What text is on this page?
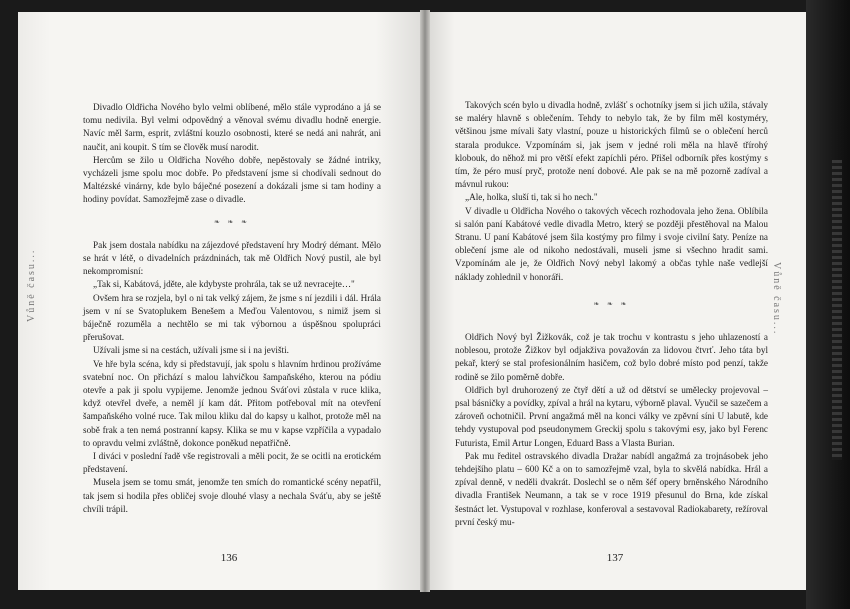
Vůně času...

Divadlo Oldřicha Nového bylo velmi oblíbené, mělo stále vyprodáno a já se tomu nedivila. Byl velmi odpovědný a věnoval svému divadlu hodně energie. Navíc měl šarm, esprit, zvláštní kouzlo osobnosti, které se nedá ani nahrát, ani naučit, ani koupit. S tím se člověk musí narodit.

Hercům se žilo u Oldřicha Nového dobře, nepěstovaly se žádné intriky, vycházeli jsme spolu moc dobře. Po představení jsme si chodívali sednout do Maltézské vinárny, kde bylo báječné posezení a dokázali jsme si tam hodiny a hodiny povídat. Samozřejmě zase o divadle.

❧ ❧ ❧

Pak jsem dostala nabídku na zájezdové představení hry Modrý démant. Mělo se hrát v létě, o divadelních prázdninách, tak mě Oldřich Nový pustil, ale byl nekompromisní:

„Tak si, Kabátová, jděte, ale kdybyste prohrála, tak se už nevracejte…"

Ovšem hra se rozjela, byl o ni tak velký zájem, že jsme s ní jezdili i dál. Hrála jsem v ní se Svatoplukem Benešem a Meďou Valentovou, s nimiž jsem si báječně rozuměla a nechtělo se mi tak výbornou a úspěšnou spolupráci přerušovat.

Užívali jsme si na cestách, užívali jsme si i na jevišti.

Ve hře byla scéna, kdy si představují, jak spolu s hlavním hrdinou prožíváme svatební noc. On přichází s malou lahvičkou šampaňského, kterou na pódiu otevře a pak ji spolu vypijeme. Jenomže jednou Sváťovi zůstala v ruce klika, když otevřel dveře, a neměl jí kam dát. Přitom potřeboval mít na otevření šampaňského volné ruce. Tak milou kliku dal do kapsy u kalhot, protože měl na sobě frak a ten nemá postranní kapsy. Klika se mu v kapse vzpříčila a vypadalo to opravdu velmi zvláštně, dokonce poněkud nepatřičně.

I diváci v poslední řadě vše registrovali a měli pocit, že se ocitli na erotickém představení.

Musela jsem se tomu smát, jenomže ten smích do romantické scény nepatřil, tak jsem si hodila přes obličej svoje dlouhé vlasy a nechala Sváťu, aby se ještě chvíli trápil.

136
Vůně času...

Takových scén bylo u divadla hodně, zvlášť s ochotníky jsem si jich užila, stávaly se maléry hlavně s oblečením. Tehdy to nebylo tak, že by film měl kostyméry, většinou jsme mívali šaty vlastní, pouze u historických filmů se o oblečení herců starala produkce. Vzpomínám si, jak jsem v jedné roli měla na hlavě třírohý klobouk, do něhož mi pro větší efekt zapíchli péro. Přišel odborník přes kostýmy s tím, že péro musí pryč, protože není dobové. Ale pak se na mě pozorně zadíval a mávnul rukou:

„Ale, holka, sluší ti, tak si ho nech."

V divadle u Oldřicha Nového o takových věcech rozhodovala jeho žena. Oblíbila si salón paní Kabátové vedle divadla Metro, který se později přestěhoval na Malou Stranu. U paní Kabátové jsem šila kostýmy pro filmy i svoje civilní šaty. Peníze na oblečení jsme ale od nikoho nedostávali, museli jsme si všechno hradit sami. Vzpomínám ale je, že Oldřich Nový nebyl lakomý a občas tyhle naše vedlejší náklady zohlednil v honoráři.

❧ ❧ ❧

Oldřich Nový byl Žižkovák, což je tak trochu v kontrastu s jeho uhlazeností a noblesou, protože Žižkov byl odjakživa považován za lidovou čtvrť. Jeho táta byl pekař, který se stal profesionálním hasičem, což bylo dobré místo pod penzí, takže rodině se žilo poměrně dobře.

Oldřich byl druhorozený ze čtyř dětí a už od dětství se umělecky projevoval – psal básničky a povídky, zpíval a hrál na kytaru, výborně plaval. Vyučil se sazečem a zároveň ochotničil. První angažmá měl na konci války ve zpěvní síni U labutě, kde tehdy vystupoval pod pseudonymem Greckij spolu s takovými esy, jako byl Ferenc Futurista, Emil Artur Longen, Eduard Bass a Vlasta Burian.

Pak mu ředitel ostravského divadla Dražar nabídl angažmá za trojnásobek jeho tehdejšího platu – 600 Kč a on to samozřejmě vzal, byla to skvělá nabídka. Hrál a zpíval denně, v neděli dvakrát. Doslechl se o něm šéf opery brněnského Národního divadla František Neumann, a tak se v roce 1919 přesunul do Brna, kde získal šestnáct let. Vystupoval v rozhlase, konferoval a sestavoval Radiokabarety, režíroval první český mu-

137
